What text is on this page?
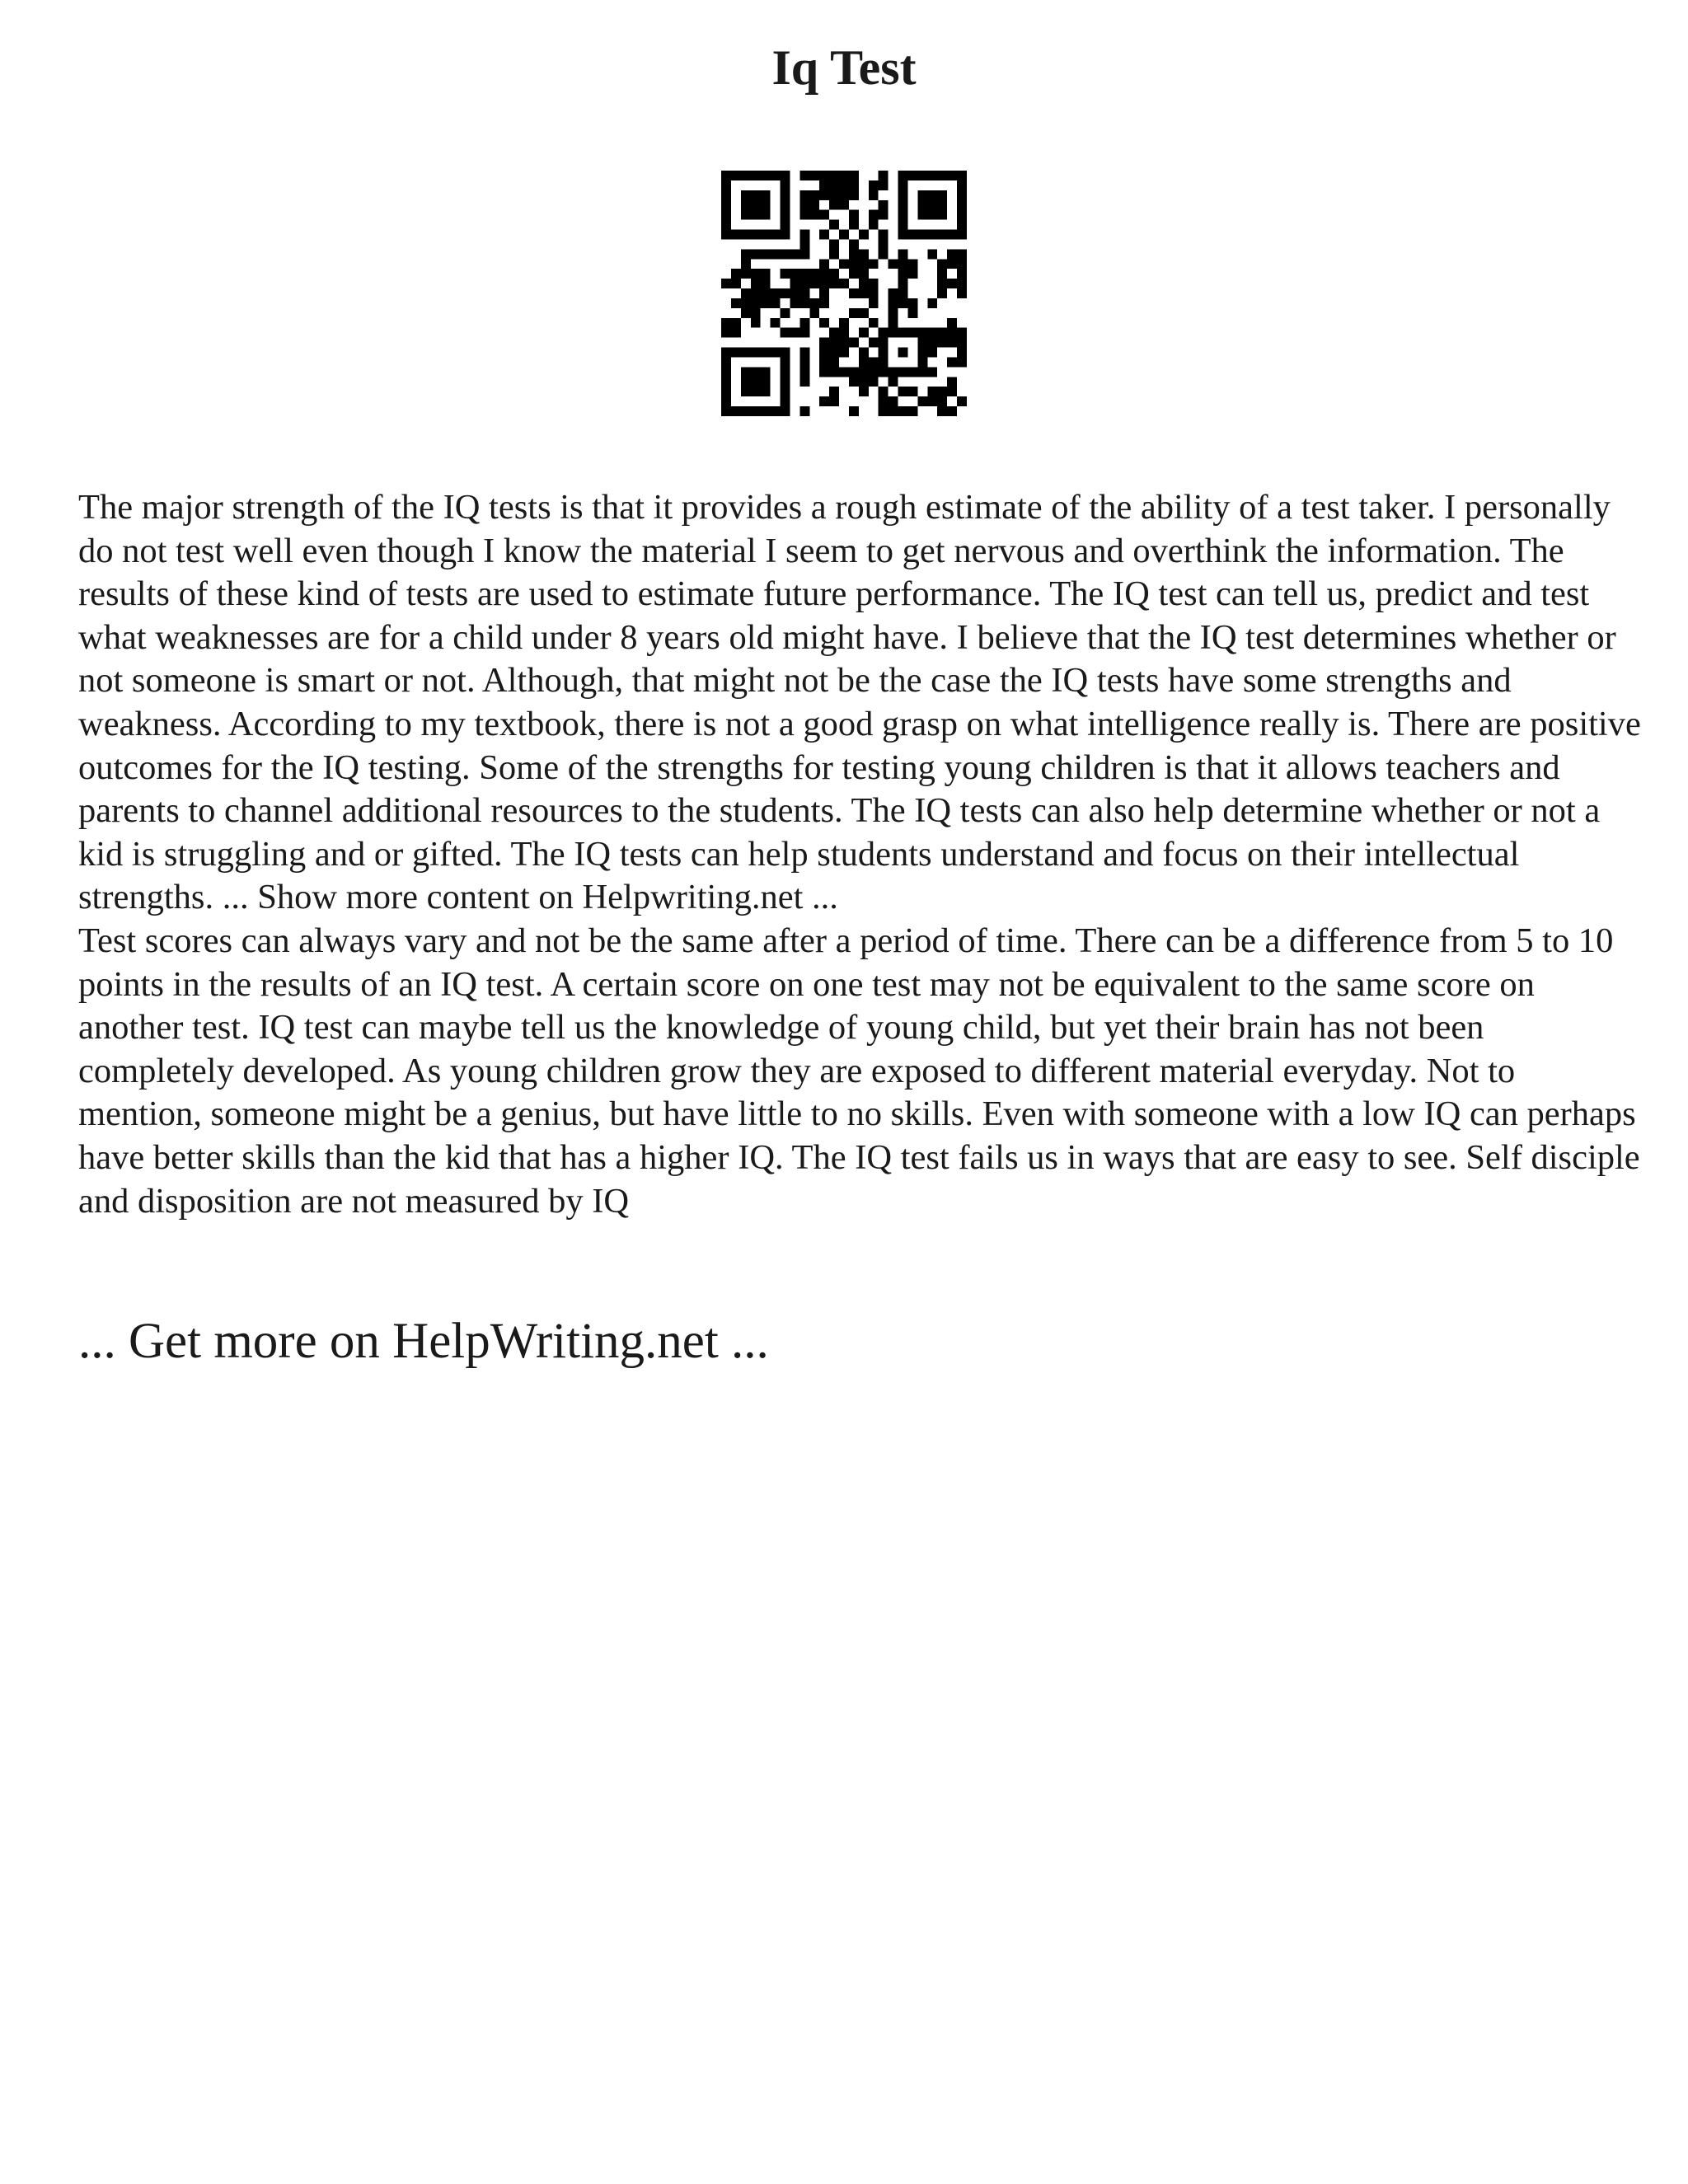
Iq Test

The major strength of the IQ tests is that it provides a rough estimate of the ability of a test taker. I personally do not test well even though I know the material I seem to get nervous and overthink the information. The results of these kind of tests are used to estimate future performance. The IQ test can tell us, predict and test what weaknesses are for a child under 8 years old might have. I believe that the IQ test determines whether or not someone is smart or not. Although, that might not be the case the IQ tests have some strengths and weakness. According to my textbook, there is not a good grasp on what intelligence really is. There are positive outcomes for the IQ testing. Some of the strengths for testing young children is that it allows teachers and parents to channel additional resources to the students. The IQ tests can also help determine whether or not a kid is struggling and or gifted. The IQ tests can help students understand and focus on their intellectual strengths. ... Show more content on Helpwriting.net ...

Test scores can always vary and not be the same after a period of time. There can be a difference from 5 to 10 points in the results of an IQ test. A certain score on one test may not be equivalent to the same score on another test. IQ test can maybe tell us the knowledge of young child, but yet their brain has not been completely developed. As young children grow they are exposed to different material everyday. Not to mention, someone might be a genius, but have little to no skills. Even with someone with a low IQ can perhaps have better skills than the kid that has a higher IQ. The IQ test fails us in ways that are easy to see. Self disciple and disposition are not measured by IQ

... Get more on HelpWriting.net ...
